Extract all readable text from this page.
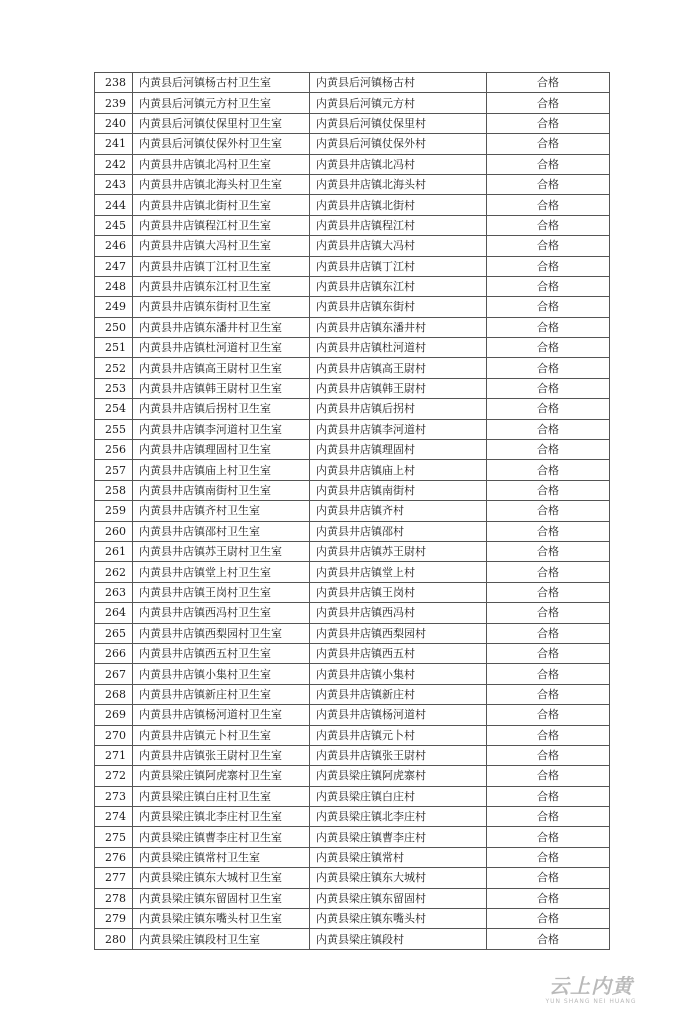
238	内黄县后河镇杨古村卫生室	内黄县后河镇杨古村	合格
239	内黄县后河镇元方村卫生室	内黄县后河镇元方村	合格
240	内黄县后河镇仗保里村卫生室	内黄县后河镇仗保里村	合格
241	内黄县后河镇仗保外村卫生室	内黄县后河镇仗保外村	合格
242	内黄县井店镇北冯村卫生室	内黄县井店镇北冯村	合格
243	内黄县井店镇北海头村卫生室	内黄县井店镇北海头村	合格
244	内黄县井店镇北街村卫生室	内黄县井店镇北街村	合格
245	内黄县井店镇程江村卫生室	内黄县井店镇程江村	合格
246	内黄县井店镇大冯村卫生室	内黄县井店镇大冯村	合格
247	内黄县井店镇丁江村卫生室	内黄县井店镇丁江村	合格
248	内黄县井店镇东江村卫生室	内黄县井店镇东江村	合格
249	内黄县井店镇东街村卫生室	内黄县井店镇东街村	合格
250	内黄县井店镇东潘井村卫生室	内黄县井店镇东潘井村	合格
251	内黄县井店镇杜河道村卫生室	内黄县井店镇杜河道村	合格
252	内黄县井店镇高王尉村卫生室	内黄县井店镇高王尉村	合格
253	内黄县井店镇韩王尉村卫生室	内黄县井店镇韩王尉村	合格
254	内黄县井店镇后拐村卫生室	内黄县井店镇后拐村	合格
255	内黄县井店镇李河道村卫生室	内黄县井店镇李河道村	合格
256	内黄县井店镇理固村卫生室	内黄县井店镇理固村	合格
257	内黄县井店镇庙上村卫生室	内黄县井店镇庙上村	合格
258	内黄县井店镇南街村卫生室	内黄县井店镇南街村	合格
259	内黄县井店镇齐村卫生室	内黄县井店镇齐村	合格
260	内黄县井店镇邵村卫生室	内黄县井店镇邵村	合格
261	内黄县井店镇苏王尉村卫生室	内黄县井店镇苏王尉村	合格
262	内黄县井店镇堂上村卫生室	内黄县井店镇堂上村	合格
263	内黄县井店镇王岗村卫生室	内黄县井店镇王岗村	合格
264	内黄县井店镇西冯村卫生室	内黄县井店镇西冯村	合格
265	内黄县井店镇西梨园村卫生室	内黄县井店镇西梨园村	合格
266	内黄县井店镇西五村卫生室	内黄县井店镇西五村	合格
267	内黄县井店镇小集村卫生室	内黄县井店镇小集村	合格
268	内黄县井店镇新庄村卫生室	内黄县井店镇新庄村	合格
269	内黄县井店镇杨河道村卫生室	内黄县井店镇杨河道村	合格
270	内黄县井店镇元卜村卫生室	内黄县井店镇元卜村	合格
271	内黄县井店镇张王尉村卫生室	内黄县井店镇张王尉村	合格
272	内黄县梁庄镇阿虎寨村卫生室	内黄县梁庄镇阿虎寨村	合格
273	内黄县梁庄镇白庄村卫生室	内黄县梁庄镇白庄村	合格
274	内黄县梁庄镇北李庄村卫生室	内黄县梁庄镇北李庄村	合格
275	内黄县梁庄镇曹李庄村卫生室	内黄县梁庄镇曹李庄村	合格
276	内黄县梁庄镇常村卫生室	内黄县梁庄镇常村	合格
277	内黄县梁庄镇东大城村卫生室	内黄县梁庄镇东大城村	合格
278	内黄县梁庄镇东留固村卫生室	内黄县梁庄镇东留固村	合格
279	内黄县梁庄镇东嘴头村卫生室	内黄县梁庄镇东嘴头村	合格
280	内黄县梁庄镇段村卫生室	内黄县梁庄镇段村	合格
云上内黄
YUN SHANG NEI HUANG
